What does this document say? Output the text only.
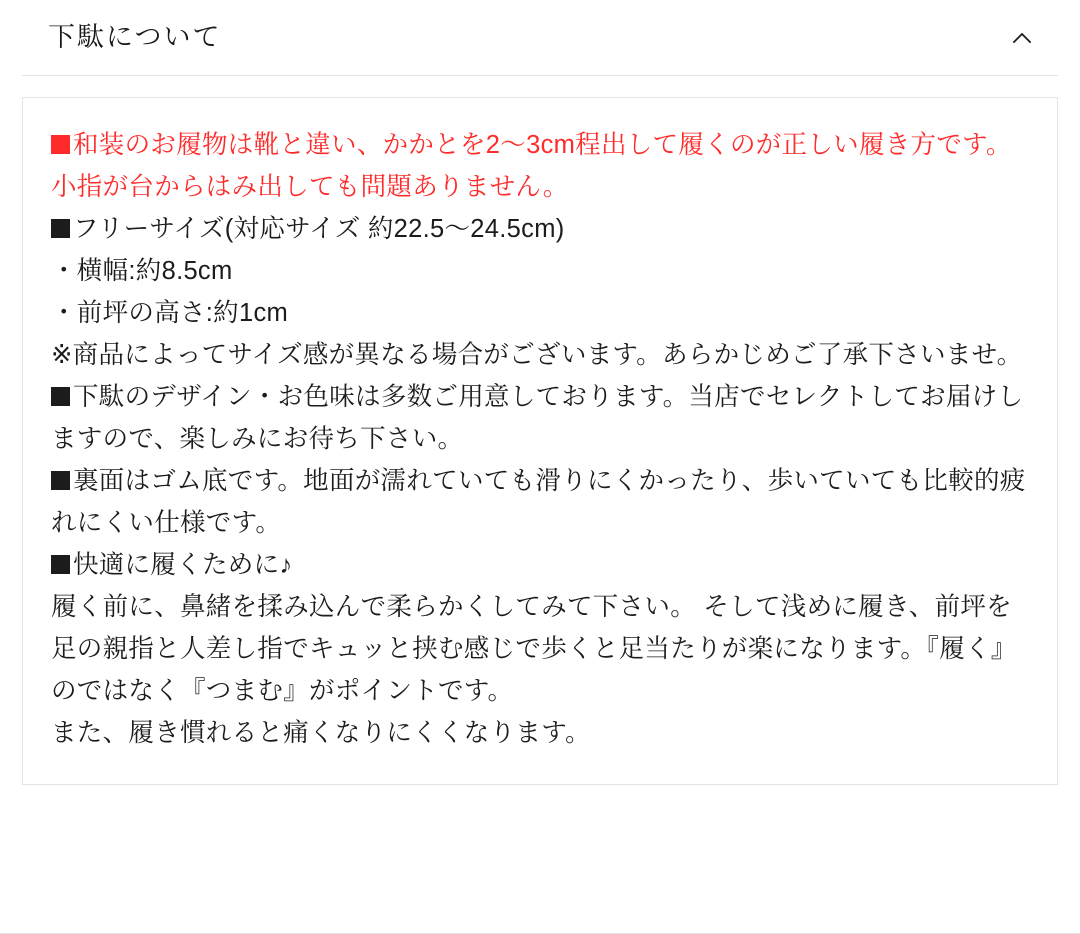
下駄について

和装のお履物は靴と違い、かかとを2〜3cm程出して履くのが正しい履き方です。小指が台からはみ出しても問題ありません。

フリーサイズ(対応サイズ 約22.5〜24.5cm)

・横幅:約8.5cm

・前坪の高さ:約1cm

※商品によってサイズ感が異なる場合がございます。あらかじめご了承下さいませ。

下駄のデザイン・お色味は多数ご用意しております。当店でセレクトしてお届けしますので、楽しみにお待ち下さい。

裏面はゴム底です。地面が濡れていても滑りにくかったり、歩いていても比較的疲れにくい仕様です。

快適に履くために♪

履く前に、鼻緒を揉み込んで柔らかくしてみて下さい。 そして浅めに履き、前坪を足の親指と人差し指でキュッと挟む感じで歩くと足当たりが楽になります。『履く』のではなく『つまむ』がポイントです。

また、履き慣れると痛くなりにくくなります。
